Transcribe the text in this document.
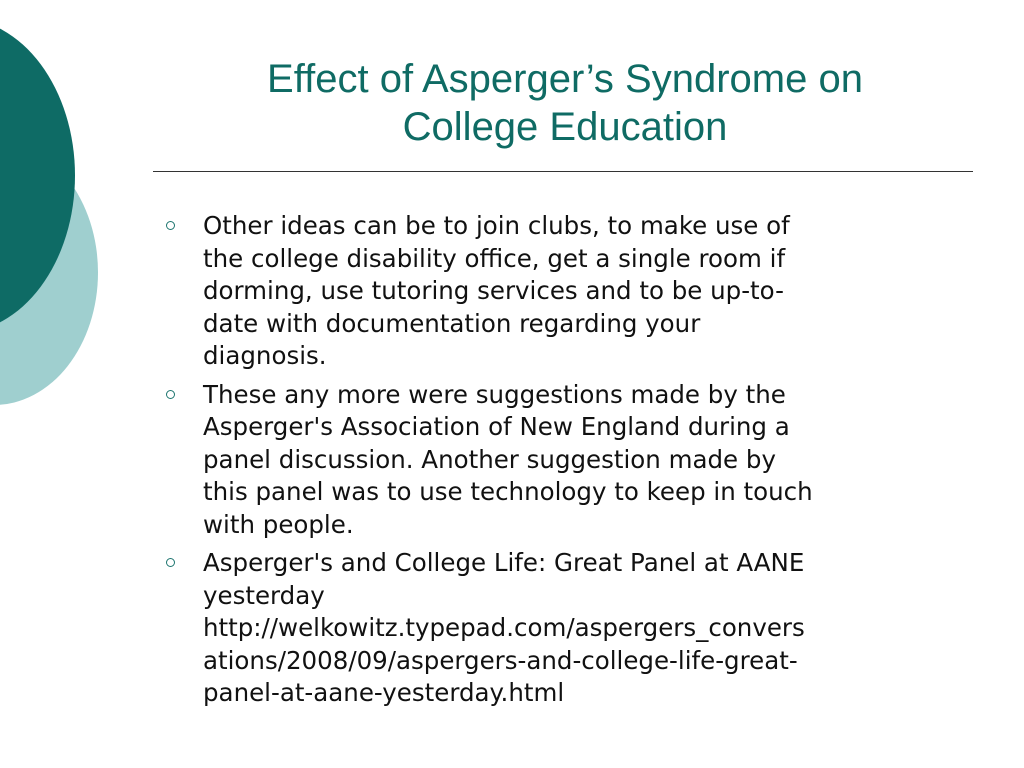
Effect of Asperger’s Syndrome on
College Education
Other ideas can be to join clubs, to make use of
the college disability office, get a single room if
dorming, use tutoring services and to be up-to-
date with documentation regarding your
diagnosis.
These any more were suggestions made by the
Asperger's Association of New England during a
panel discussion. Another suggestion made by
this panel was to use technology to keep in touch
with people.
Asperger's and College Life: Great Panel at AANE
yesterday
http://welkowitz.typepad.com/aspergers_convers
ations/2008/09/aspergers-and-college-life-great-
panel-at-aane-yesterday.html
